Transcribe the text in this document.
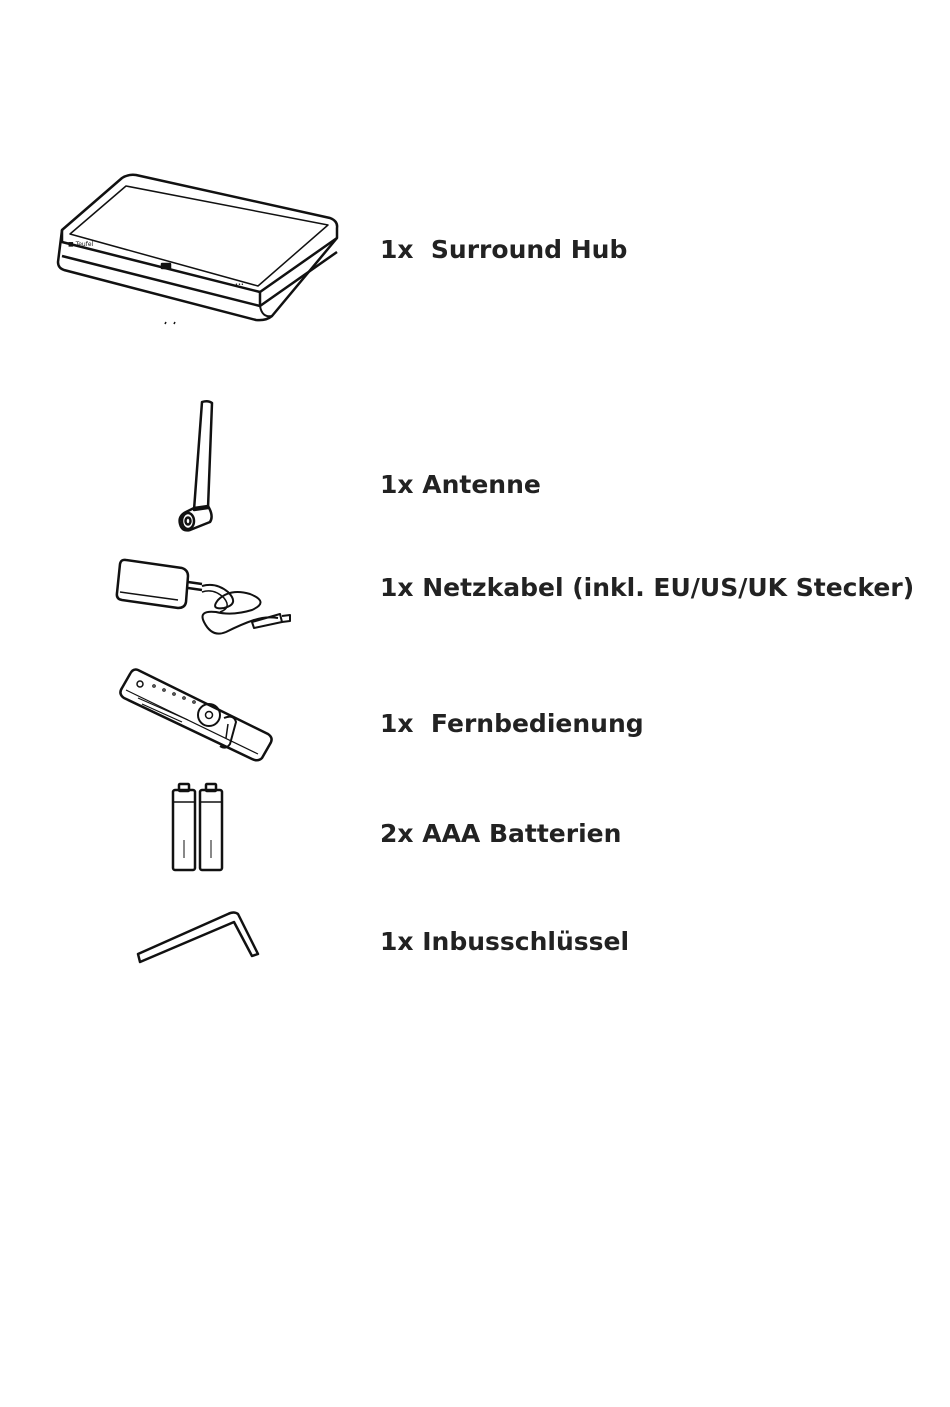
■ Teufel
•••
1x  Surround Hub
1x Antenne
1x Netzkabel (inkl. EU/US/UK Stecker)
1x  Fernbedienung
2x AAA Batterien
1x Inbusschlüssel
